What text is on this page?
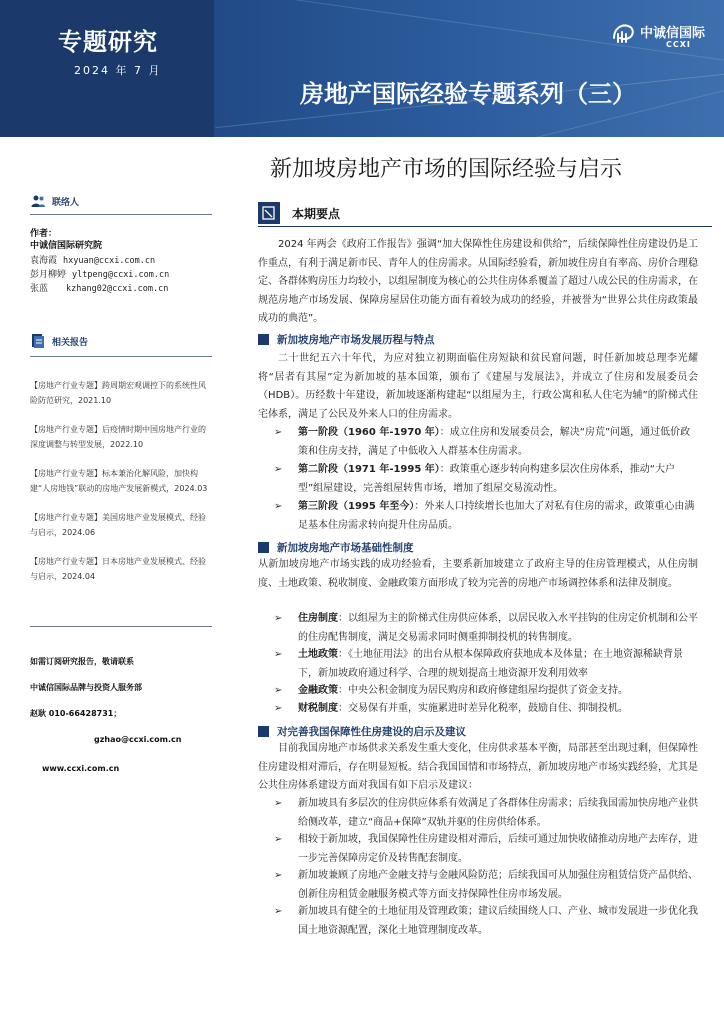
专题研究
2024 年 7 月
房地产国际经验专题系列（三）
中诚信国际
CCXI
新加坡房地产市场的国际经验与启示
联络人
作者：
中诚信国际研究院
袁海霞 hxyuan@ccxi.com.cn
彭月柳婷 yltpeng@ccxi.com.cn
张蓝 kzhang02@ccxi.com.cn
相关报告
【房地产行业专题】跨周期宏观调控下的系统性风险防范研究，2021.10
【房地产行业专题】后疫情时期中国房地产行业的深度调整与转型发展，2022.10
【房地产行业专题】标本兼治化解风险，加快构建“人房地钱”联动的房地产发展新模式，2024.03
【房地产行业专题】美国房地产业发展模式、经验与启示，2024.06
【房地产行业专题】日本房地产业发展模式、经验与启示，2024.04
如需订阅研究报告，敬请联系
中诚信国际品牌与投资人服务部
赵耿 010-66428731；
gzhao@ccxi.com.cn
www.ccxi.com.cn
本期要点
2024 年两会《政府工作报告》强调“加大保障性住房建设和供给”，后续保障性住房建设仍是工作重点，有利于满足新市民、青年人的住房需求。从国际经验看，新加坡住房自有率高、房价合理稳定、各群体购房压力均较小，以组屋制度为核心的公共住房体系覆盖了超过八成公民的住房需求，在规范房地产市场发展、保障房屋居住功能方面有着较为成功的经验，并被誉为“世界公共住房政策最成功的典范”。
新加坡房地产市场发展历程与特点
二十世纪五六十年代，为应对独立初期面临住房短缺和贫民窟问题，时任新加坡总理李光耀将“居者有其屋”定为新加坡的基本国策，颁布了《建屋与发展法》，并成立了住房和发展委员会（HDB）。历经数十年建设，新加坡逐渐构建起“以组屋为主，行政公寓和私人住宅为辅”的阶梯式住宅体系，满足了公民及外来人口的住房需求。
➢	第一阶段（1960 年-1970 年）：成立住房和发展委员会，解决“房荒”问题，通过低价政策和住房支持，满足了中低收入人群基本住房需求。
➢	第二阶段（1971 年-1995 年）：政策重心逐步转向构建多层次住房体系，推动“大户型”组屋建设，完善组屋转售市场，增加了组屋交易流动性。
➢	第三阶段（1995 年至今）：外来人口持续增长也加大了对私有住房的需求，政策重心由满足基本住房需求转向提升住房品质。
新加坡房地产市场基础性制度
从新加坡房地产市场实践的成功经验看，主要系新加坡建立了政府主导的住房管理模式，从住房制度、土地政策、税收制度、金融政策方面形成了较为完善的房地产市场调控体系和法律及制度。
➢	住房制度：以组屋为主的阶梯式住房供应体系，以居民收入水平挂钩的住房定价机制和公平的住房配售制度，满足交易需求同时侧重抑制投机的转售制度。
➢	土地政策：《土地征用法》的出台从根本保障政府获地成本及体量；在土地资源稀缺背景下，新加坡政府通过科学、合理的规划提高土地资源开发利用效率
➢	金融政策：中央公积金制度为居民购房和政府修建组屋均提供了资金支持。
➢	财税制度：交易保有并重，实施累进时差异化税率，鼓励自住、抑制投机。
对完善我国保障性住房建设的启示及建议
目前我国房地产市场供求关系发生重大变化，住房供求基本平衡，局部甚至出现过剩，但保障性住房建设相对滞后，存在明显短板。结合我国国情和市场特点，新加坡房地产市场实践经验，尤其是公共住房体系建设方面对我国有如下启示及建议：
➢	新加坡具有多层次的住房供应体系有效满足了各群体住房需求；后续我国需加快房地产业供给侧改革，建立“商品+保障”双轨并驱的住房供给体系。
➢	相较于新加坡，我国保障性住房建设相对滞后，后续可通过加快收储推动房地产去库存，进一步完善保障房定价及转售配套制度。
➢	新加坡兼顾了房地产金融支持与金融风险防范；后续我国可从加强住房租赁信贷产品供给、创新住房租赁金融服务模式等方面支持保障性住房市场发展。
➢	新加坡具有健全的土地征用及管理政策；建议后续围绕人口、产业、城市发展进一步优化我国土地资源配置，深化土地管理制度改革。
